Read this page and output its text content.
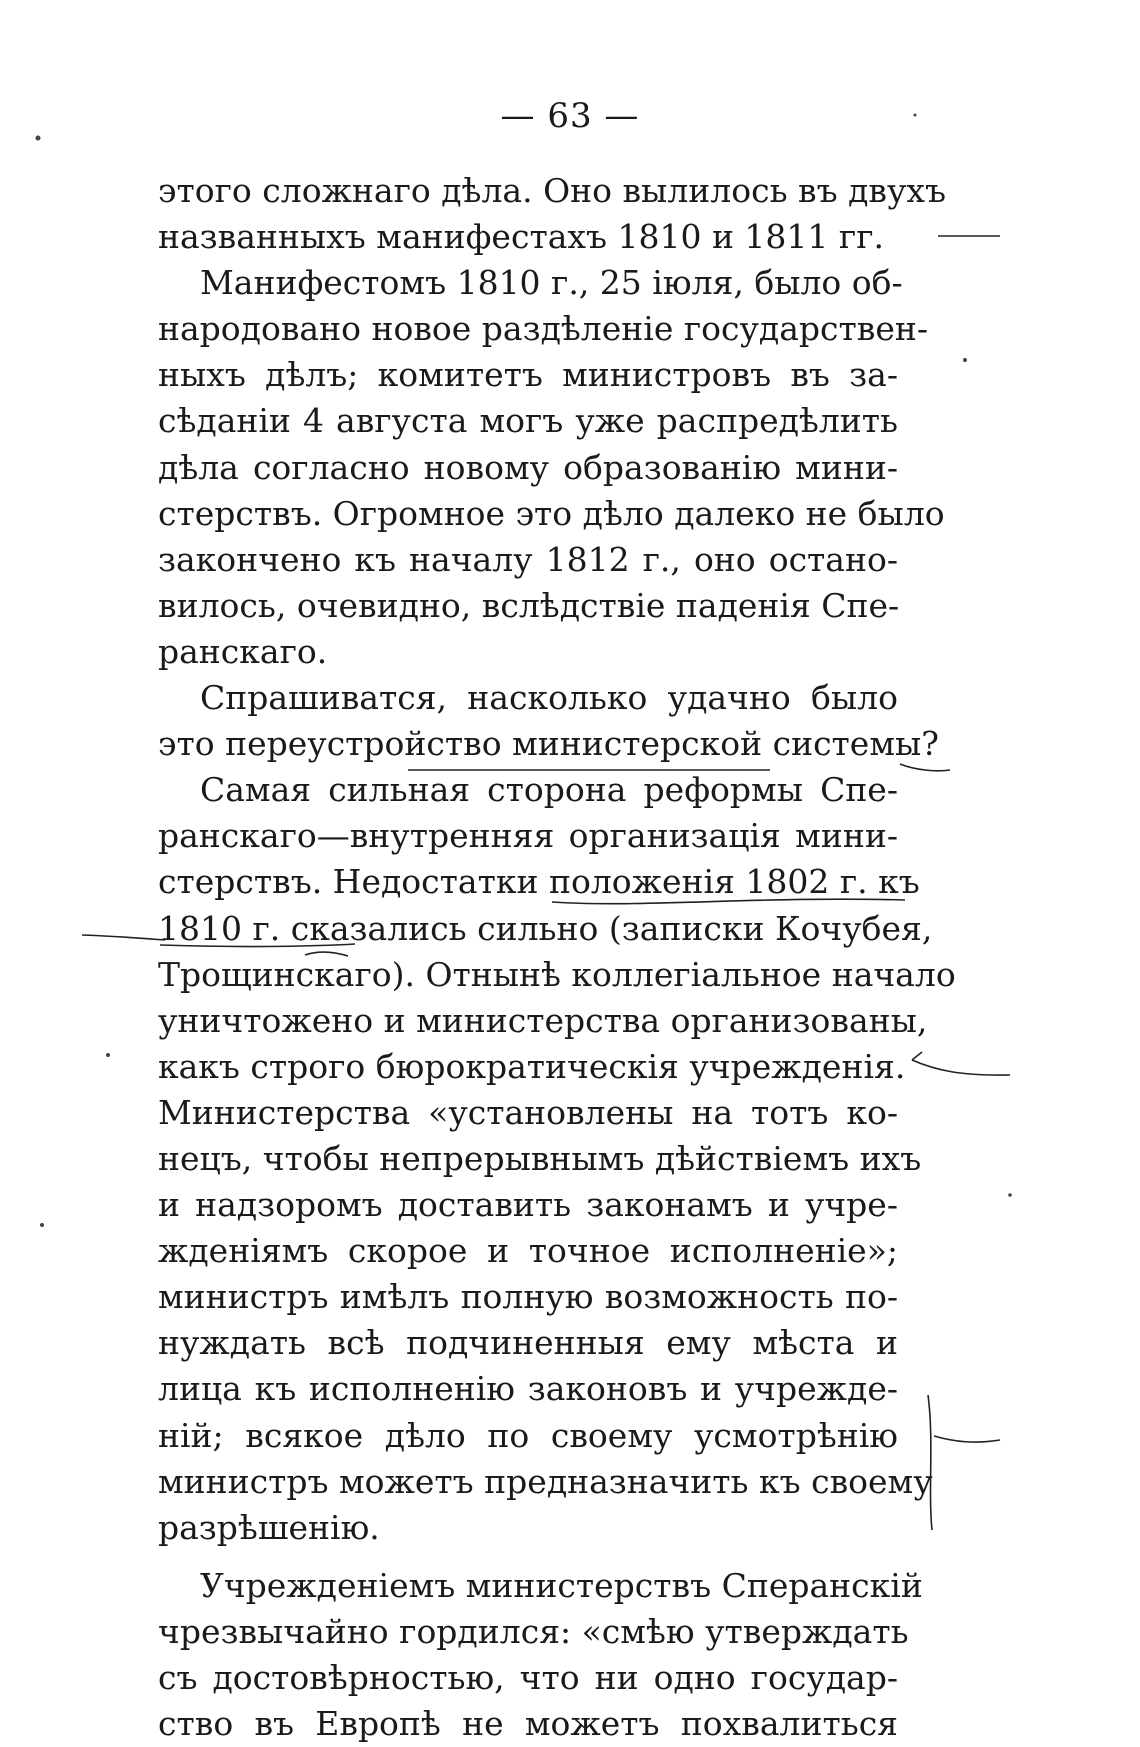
— 63 —
этого сложнаго дѣла. Оно вылилось въ двухъ
названныхъ манифестахъ 1810 и 1811 гг.
Манифестомъ 1810 г., 25 іюля, было об-
народовано новое раздѣленіе государствен-
ныхъ дѣлъ; комитетъ министровъ въ за-
сѣданіи 4 августа могъ уже распредѣлить
дѣла согласно новому образованію мини-
стерствъ. Огромное это дѣло далеко не было
закончено къ началу 1812 г., оно остано-
вилось, очевидно, вслѣдствіе паденія Спе-
ранскаго.
Спрашиватся, насколько удачно было
это переустройство министерской системы?
Самая сильная сторона реформы Спе-
ранскаго—внутренняя организація мини-
стерствъ. Недостатки положенія 1802 г. къ
1810 г. сказались сильно (записки Кочубея,
Трощинскаго). Отнынѣ коллегіальное начало
уничтожено и министерства организованы,
какъ строго бюрократическія учрежденія.
Министерства «установлены на тотъ ко-
нецъ, чтобы непрерывнымъ дѣйствіемъ ихъ
и надзоромъ доставить законамъ и учре-
жденіямъ скорое и точное исполненіе»;
министръ имѣлъ полную возможность по-
нуждать всѣ подчиненныя ему мѣста и
лица къ исполненію законовъ и учрежде-
ній; всякое дѣло по своему усмотрѣнію
министръ можетъ предназначить къ своему
разрѣшенію.
Учрежденіемъ министерствъ Сперанскій
чрезвычайно гордился: «смѣю утверждать
съ достовѣрностью, что ни одно государ-
ство въ Европѣ не можетъ похвалиться
